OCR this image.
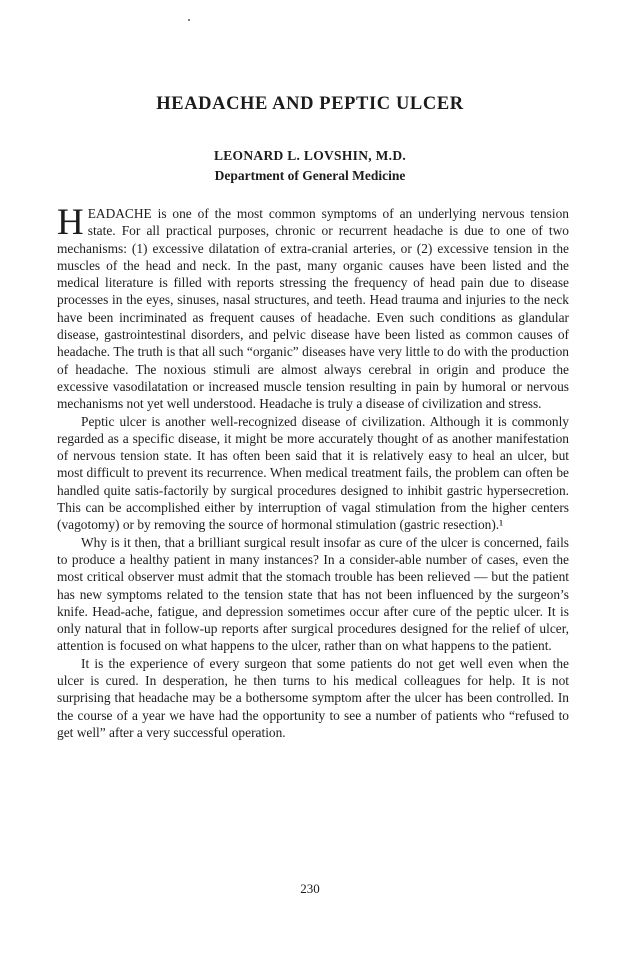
HEADACHE AND PEPTIC ULCER
LEONARD L. LOVSHIN, M.D.
Department of General Medicine

HEADACHE is one of the most common symptoms of an underlying nervous tension state. For all practical purposes, chronic or recurrent headache is due to one of two mechanisms: (1) excessive dilatation of extra-cranial arteries, or (2) excessive tension in the muscles of the head and neck. In the past, many organic causes have been listed and the medical literature is filled with reports stressing the frequency of head pain due to disease processes in the eyes, sinuses, nasal structures, and teeth. Head trauma and injuries to the neck have been incriminated as frequent causes of headache. Even such conditions as glandular disease, gastrointestinal disorders, and pelvic disease have been listed as common causes of headache. The truth is that all such “organic” diseases have very little to do with the production of headache. The noxious stimuli are almost always cerebral in origin and produce the excessive vasodilatation or increased muscle tension resulting in pain by humoral or nervous mechanisms not yet well understood. Headache is truly a disease of civilization and stress.

Peptic ulcer is another well-recognized disease of civilization. Although it is commonly regarded as a specific disease, it might be more accurately thought of as another manifestation of nervous tension state. It has often been said that it is relatively easy to heal an ulcer, but most difficult to prevent its recurrence. When medical treatment fails, the problem can often be handled quite satis-factorily by surgical procedures designed to inhibit gastric hypersecretion. This can be accomplished either by interruption of vagal stimulation from the higher centers (vagotomy) or by removing the source of hormonal stimulation (gastric resection).¹

Why is it then, that a brilliant surgical result insofar as cure of the ulcer is concerned, fails to produce a healthy patient in many instances? In a consider-able number of cases, even the most critical observer must admit that the stomach trouble has been relieved — but the patient has new symptoms related to the tension state that has not been influenced by the surgeon’s knife. Head-ache, fatigue, and depression sometimes occur after cure of the peptic ulcer. It is only natural that in follow-up reports after surgical procedures designed for the relief of ulcer, attention is focused on what happens to the ulcer, rather than on what happens to the patient.

It is the experience of every surgeon that some patients do not get well even when the ulcer is cured. In desperation, he then turns to his medical colleagues for help. It is not surprising that headache may be a bothersome symptom after the ulcer has been controlled. In the course of a year we have had the opportunity to see a number of patients who “refused to get well” after a very successful operation.

230
